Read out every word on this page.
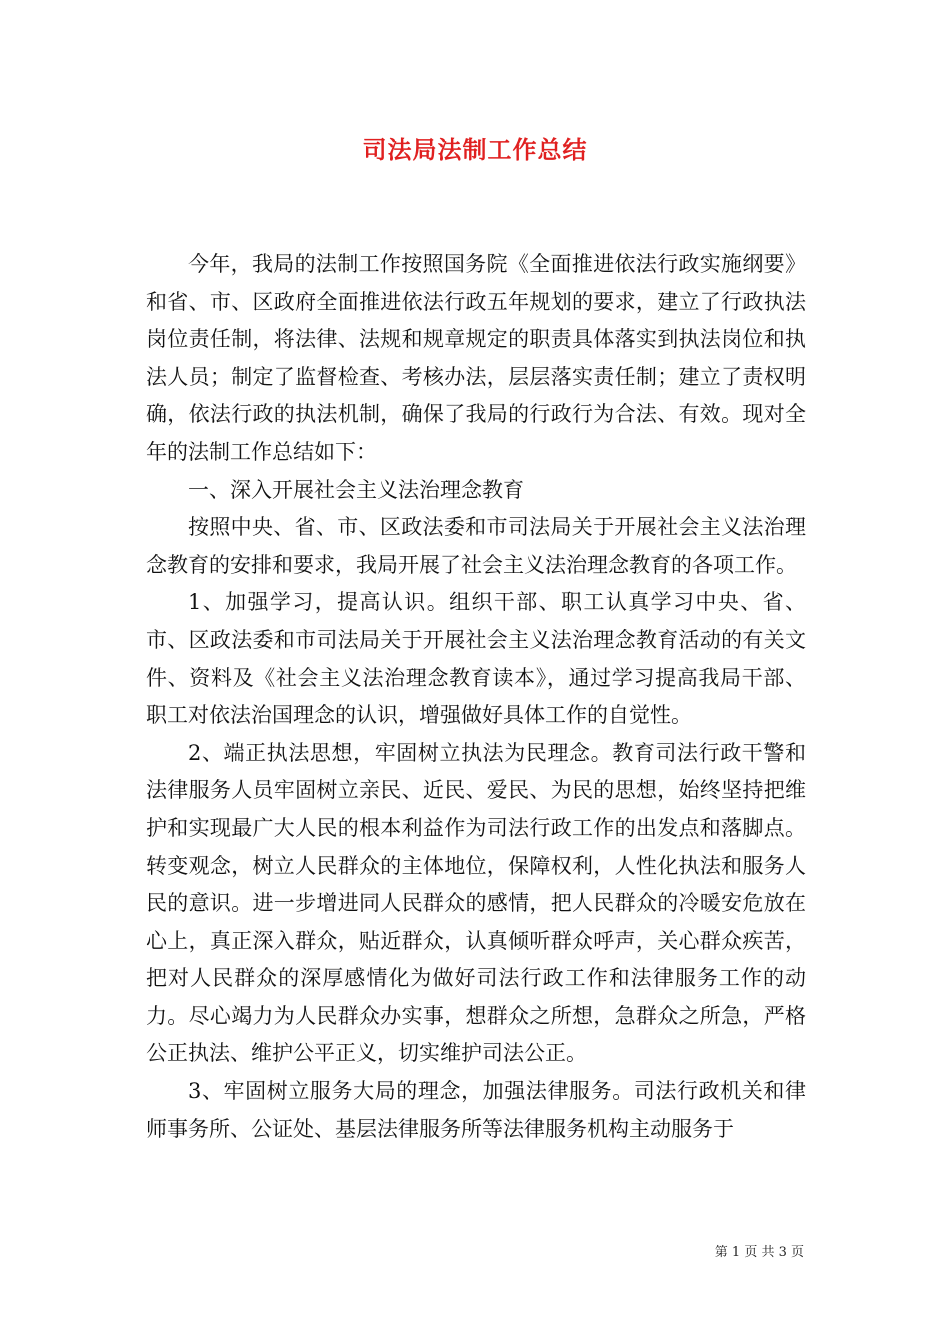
司法局法制工作总结

今年，我局的法制工作按照国务院《全面推进依法行政实施纲要》和省、市、区政府全面推进依法行政五年规划的要求，建立了行政执法岗位责任制，将法律、法规和规章规定的职责具体落实到执法岗位和执法人员；制定了监督检查、考核办法，层层落实责任制；建立了责权明确，依法行政的执法机制，确保了我局的行政行为合法、有效。现对全年的法制工作总结如下：

一、深入开展社会主义法治理念教育

按照中央、省、市、区政法委和市司法局关于开展社会主义法治理念教育的安排和要求，我局开展了社会主义法治理念教育的各项工作。

1、加强学习，提高认识。组织干部、职工认真学习中央、省、市、区政法委和市司法局关于开展社会主义法治理念教育活动的有关文件、资料及《社会主义法治理念教育读本》，通过学习提高我局干部、职工对依法治国理念的认识，增强做好具体工作的自觉性。

2、端正执法思想，牢固树立执法为民理念。教育司法行政干警和法律服务人员牢固树立亲民、近民、爱民、为民的思想，始终坚持把维护和实现最广大人民的根本利益作为司法行政工作的出发点和落脚点。转变观念，树立人民群众的主体地位，保障权利，人性化执法和服务人民的意识。进一步增进同人民群众的感情，把人民群众的冷暖安危放在心上，真正深入群众，贴近群众，认真倾听群众呼声，关心群众疾苦，把对人民群众的深厚感情化为做好司法行政工作和法律服务工作的动力。尽心竭力为人民群众办实事，想群众之所想，急群众之所急，严格公正执法、维护公平正义，切实维护司法公正。

3、牢固树立服务大局的理念，加强法律服务。司法行政机关和律师事务所、公证处、基层法律服务所等法律服务机构主动服务于

第 1 页 共 3 页
